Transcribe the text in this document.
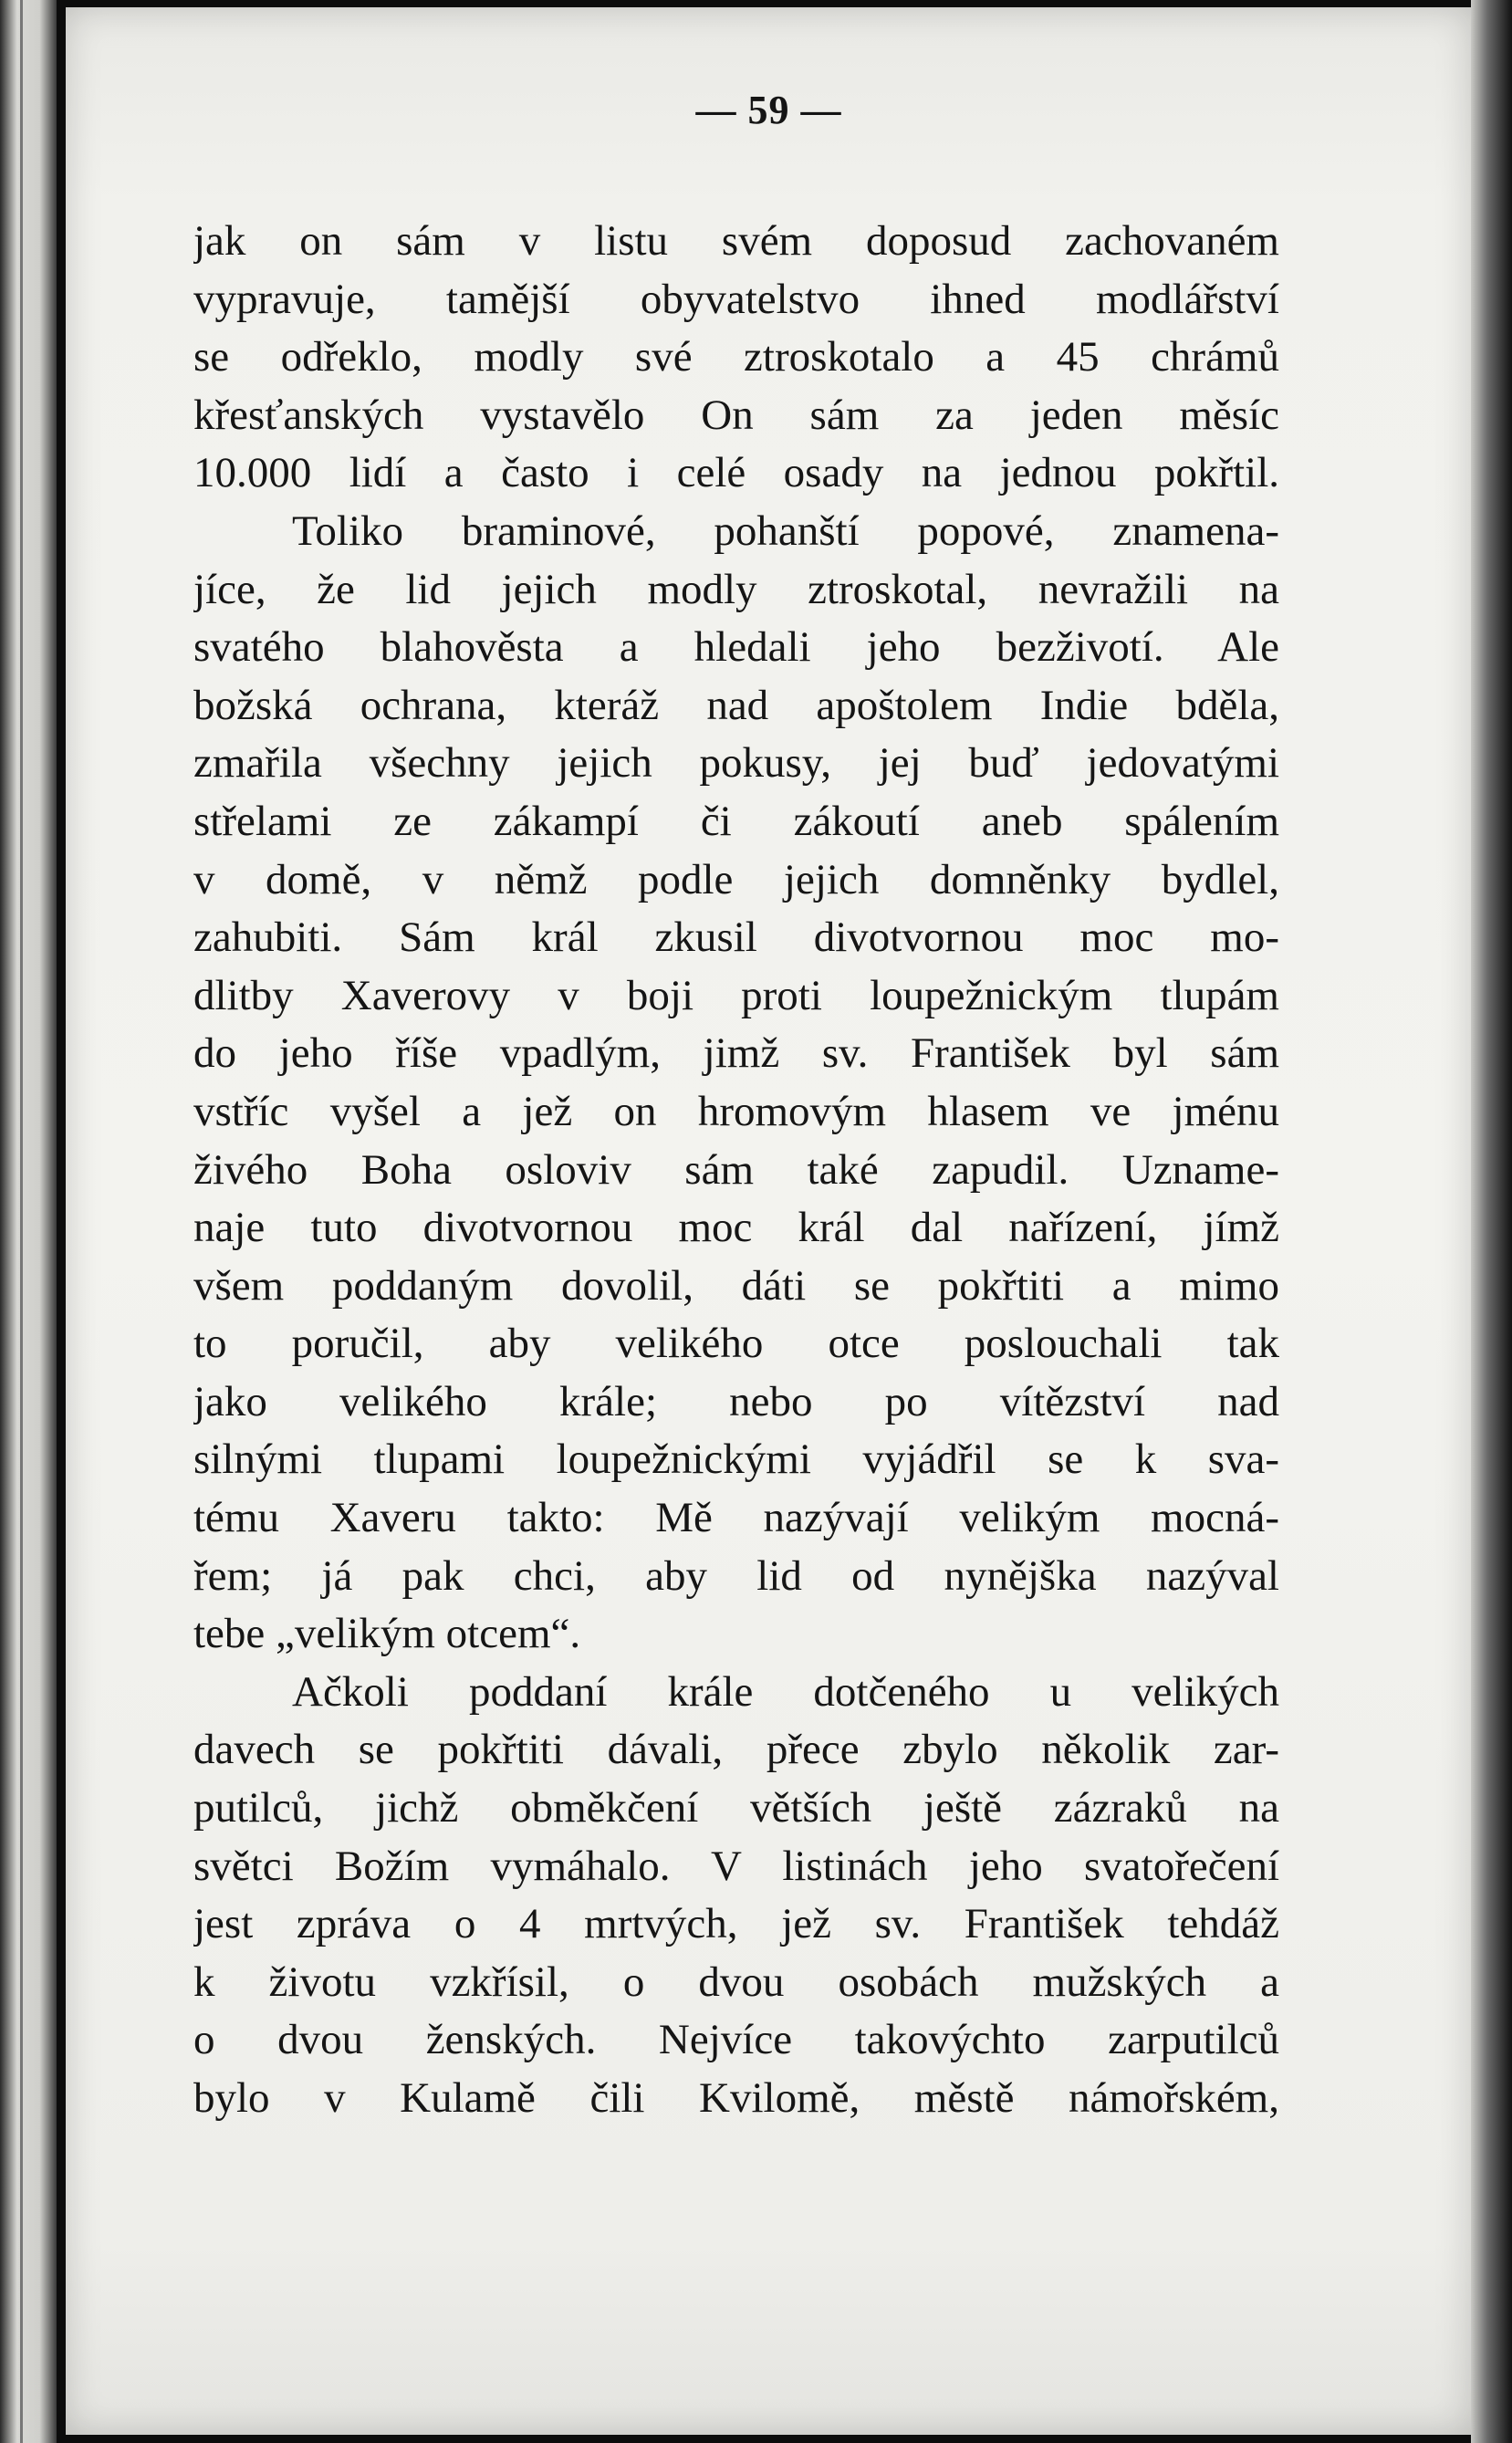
— 59 —
jak on sám v listu svém doposud zachovaném
vypravuje, tamější obyvatelstvo ihned modlářství
se odřeklo, modly své ztroskotalo a 45 chrámů
křesťanských vystavělo On sám za jeden měsíc
10.000 lidí a často i celé osady na jednou pokřtil.
Toliko braminové, pohanští popové, znamena-
jíce, že lid jejich modly ztroskotal, nevražili na
svatého blahověsta a hledali jeho bezživotí. Ale
božská ochrana, kteráž nad apoštolem Indie bděla,
zmařila všechny jejich pokusy, jej buď jedovatými
střelami ze zákampí či zákoutí aneb spálením
v domě, v němž podle jejich domněnky bydlel,
zahubiti. Sám král zkusil divotvornou moc mo-
dlitby Xaverovy v boji proti loupežnickým tlupám
do jeho říše vpadlým, jimž sv. František byl sám
vstříc vyšel a jež on hromovým hlasem ve jménu
živého Boha osloviv sám také zapudil. Uzname-
naje tuto divotvornou moc král dal nařízení, jímž
všem poddaným dovolil, dáti se pokřtiti a mimo
to poručil, aby velikého otce poslouchali tak
jako velikého krále; nebo po vítězství nad
silnými tlupami loupežnickými vyjádřil se k sva-
tému Xaveru takto: Mě nazývají velikým mocná-
řem; já pak chci, aby lid od nynějška nazýval
tebe „velikým otcem“.
Ačkoli poddaní krále dotčeného u velikých
davech se pokřtiti dávali, přece zbylo několik zar-
putilců, jichž obměkčení větších ještě zázraků na
světci Božím vymáhalo. V listinách jeho svatořečení
jest zpráva o 4 mrtvých, jež sv. František tehdáž
k životu vzkřísil, o dvou osobách mužských a
o dvou ženských. Nejvíce takovýchto zarputilců
bylo v Kulamě čili Kvilomě, městě námořském,
